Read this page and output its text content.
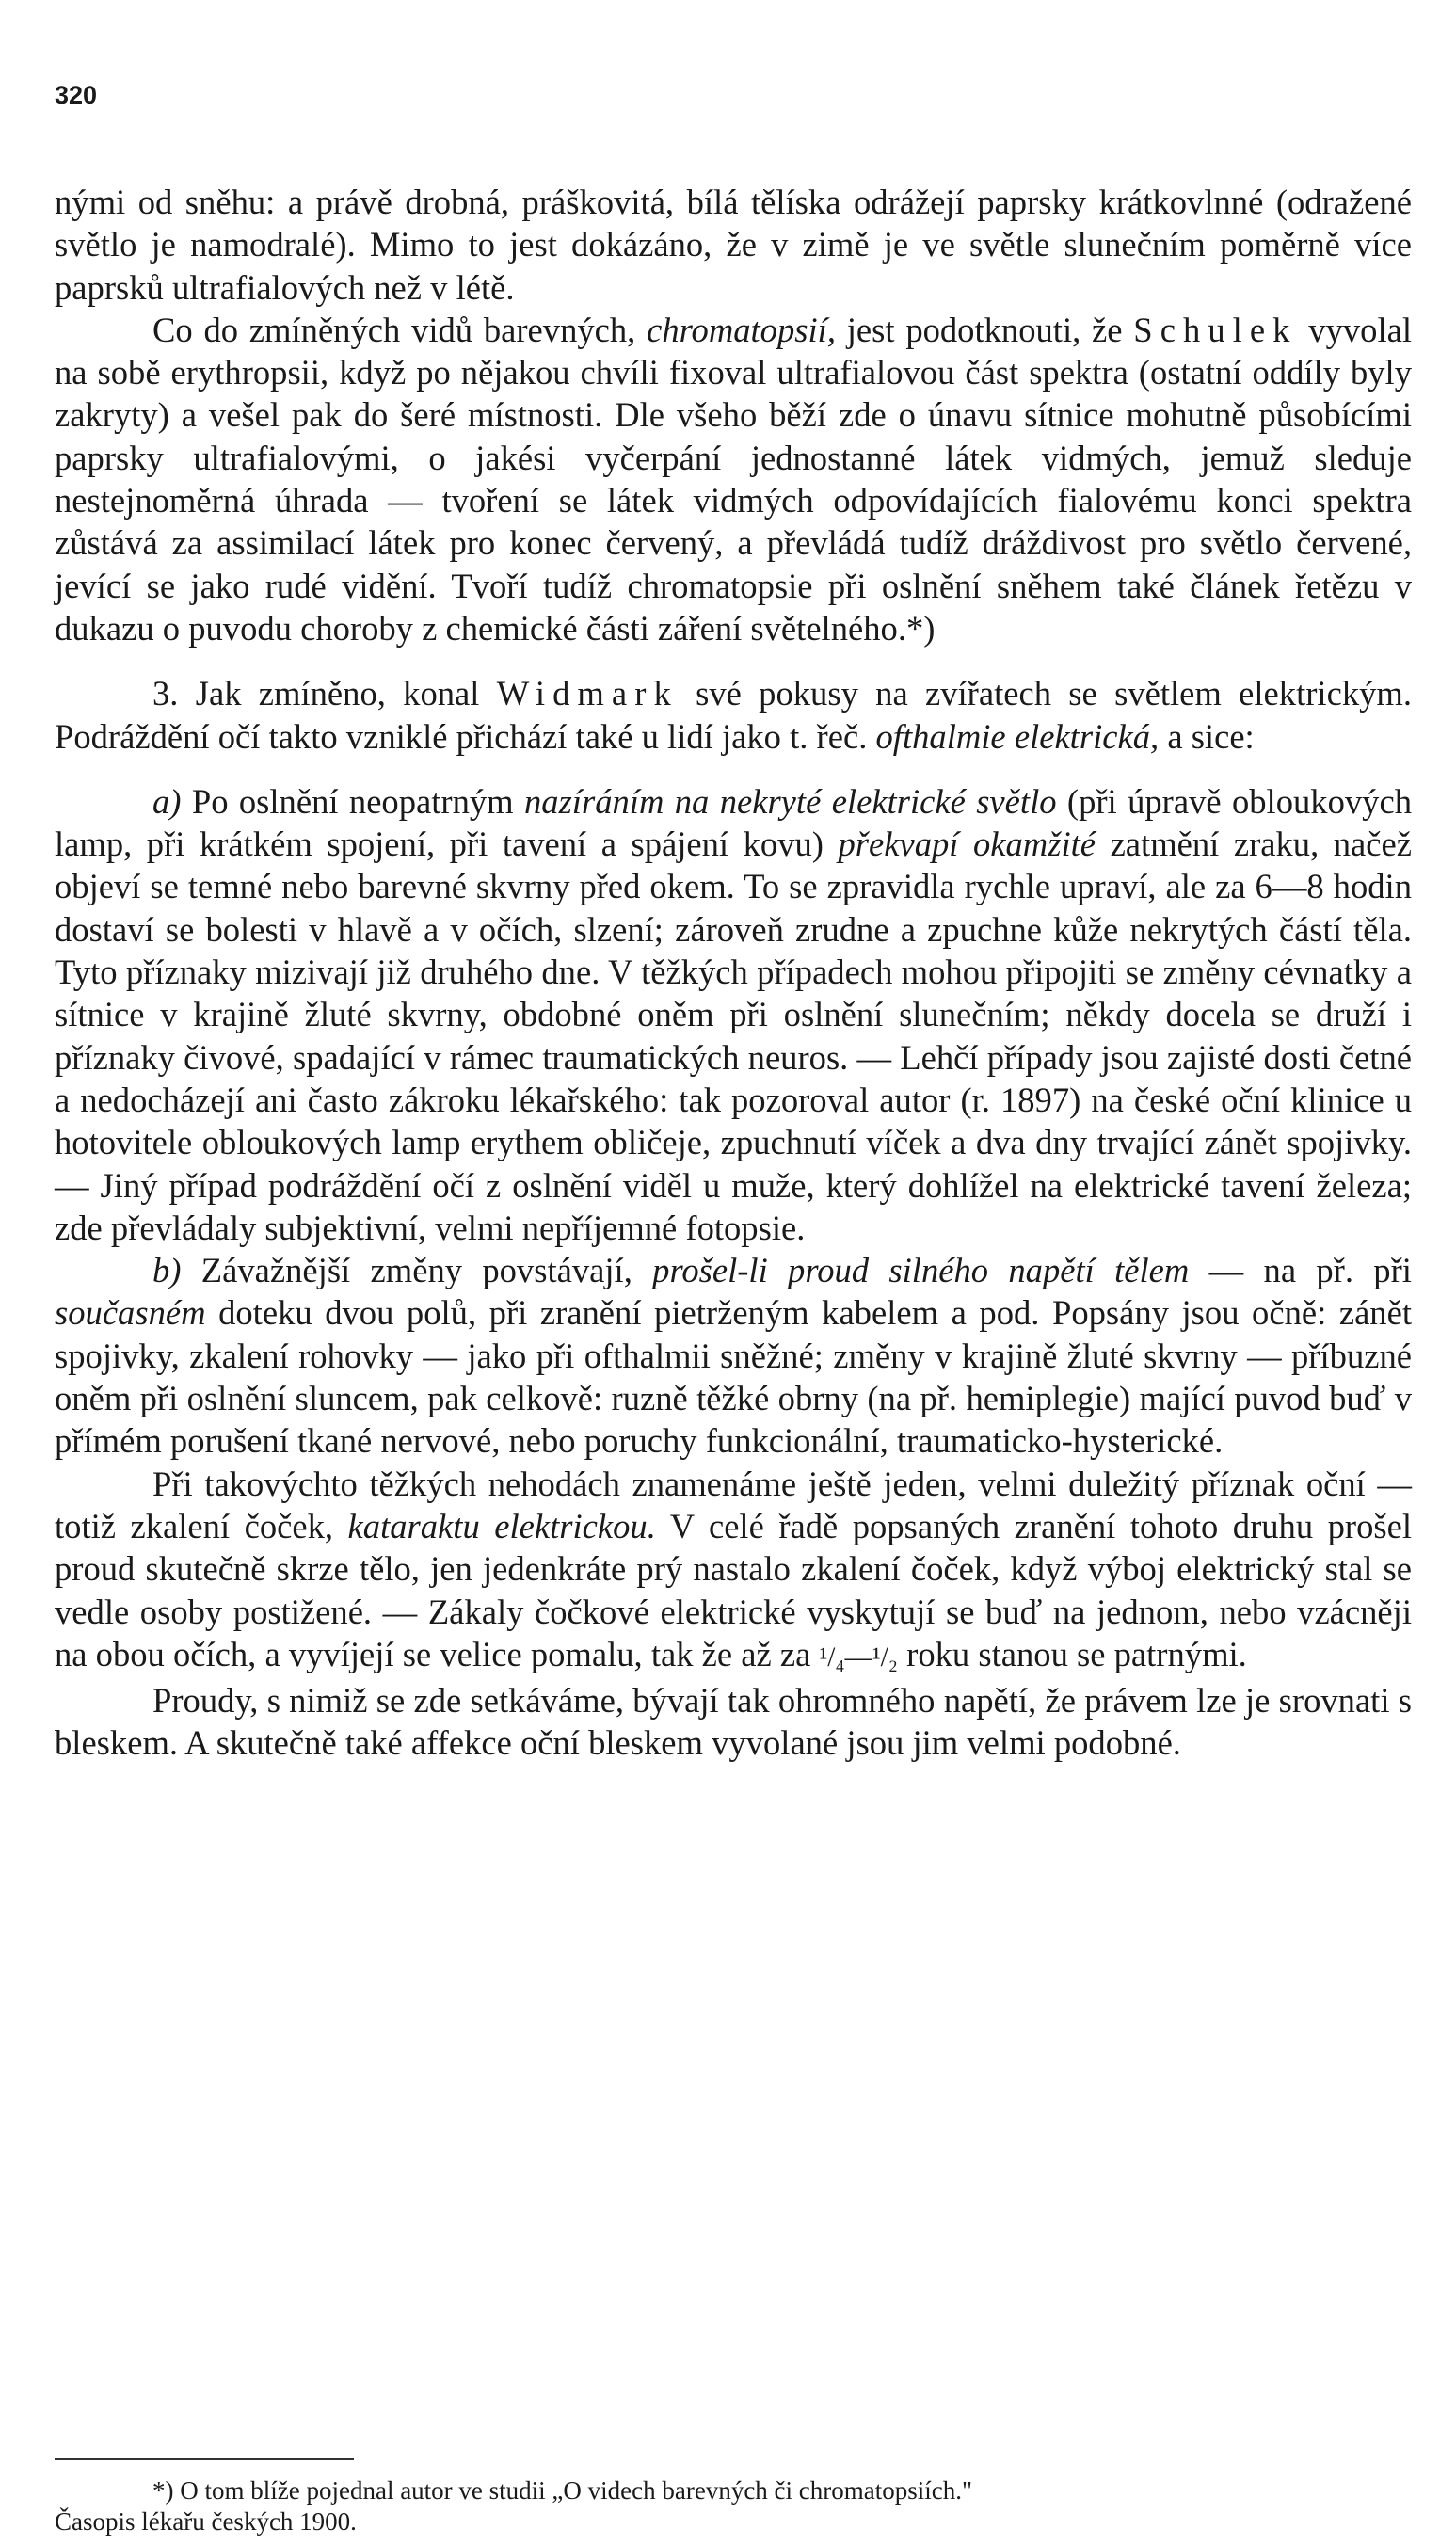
320

nými od sněhu: a právě drobná, práškovitá, bílá tělíska odrážejí paprsky krátkovlnné (odražené světlo je namodralé). Mimo to jest dokázáno, že v zimě je ve světle slunečním poměrně více paprsků ultrafialových než v létě.

Co do zmíněných vidů barevných, chromatopsií, jest podotknouti, že Schulek vyvolal na sobě erythropsii, když po nějakou chvíli fixoval ultrafialovou část spektra (ostatní oddíly byly zakryty) a vešel pak do šeré místnosti. Dle všeho běží zde o únavu sítnice mohutně působícími paprsky ultrafialovými, o jakési vyčerpání jednostanné látek vidmých, jemuž sleduje nestejnoměrná úhrada — tvoření se látek vidmých odpovídajících fialovému konci spektra zůstává za assimilací látek pro konec červený, a převládá tudíž dráždivost pro světlo červené, jevící se jako rudé vidění. Tvoří tudíž chromatopsie při oslnění sněhem také článek řetězu v dukazu o puvodu choroby z chemické části záření světelného.*)

3. Jak zmíněno, konal Widmark své pokusy na zvířatech se světlem elektrickým. Podráždění očí takto vzniklé přichází také u lidí jako t. řeč. ofthalmie elektrická, a sice:

a) Po oslnění neopatrným nazíráním na nekryté elektrické světlo (při úpravě obloukových lamp, při krátkém spojení, při tavení a spájení kovu) překvapí okamžité zatmění zraku, načež objeví se temné nebo barevné skvrny před okem. To se zpravidla rychle upraví, ale za 6—8 hodin dostaví se bolesti v hlavě a v očích, slzení; zároveň zrudne a zpuchne kůže nekrytých částí těla. Tyto příznaky mizivají již druhého dne. V těžkých případech mohou připojiti se změny cévnatky a sítnice v krajině žluté skvrny, obdobné oněm při oslnění slunečním; někdy docela se druží i příznaky čivové, spadající v rámec traumatických neuros. — Lehčí případy jsou zajisté dosti četné a nedocházejí ani často zákroku lékařského: tak pozoroval autor (r. 1897) na české oční klinice u hotovitele obloukových lamp erythem obličeje, zpuchnutí víček a dva dny trvající zánět spojivky. — Jiný případ podráždění očí z oslnění viděl u muže, který dohlížel na elektrické tavení železa; zde převládaly subjektivní, velmi nepříjemné fotopsie.

b) Závažnější změny povstávají, prošel-li proud silného napětí tělem — na př. při současném doteku dvou polů, při zranění pietrženým kabelem a pod. Popsány jsou očně: zánět spojivky, zkalení rohovky — jako při ofthalmii sněžné; změny v krajině žluté skvrny — příbuzné oněm při oslnění sluncem, pak celkově: ruzně těžké obrny (na př. hemiplegie) mající puvod buď v přímém porušení tkané nervové, nebo poruchy funkcionální, traumaticko-hysterické.

Při takovýchto těžkých nehodách znamenáme ještě jeden, velmi duležitý příznak oční — totiž zkalení čoček, kataraktu elektrickou. V celé řadě popsaných zranění tohoto druhu prošel proud skutečně skrze tělo, jen jedenkráte prý nastalo zkalení čoček, když výboj elektrický stal se vedle osoby postižené. — Zákaly čočkové elektrické vyskytují se buď na jednom, nebo vzácněji na obou očích, a vyvíjejí se velice pomalu, tak že až za ¹/₄—¹/₂ roku stanou se patrnými.

Proudy, s nimiž se zde setkáváme, bývají tak ohromného napětí, že právem lze je srovnati s bleskem. A skutečně také affekce oční bleskem vyvolané jsou jim velmi podobné.

*) O tom blíže pojednal autor ve studii „O videch barevných či chromatopsiích."
Časopis lékařu českých 1900.
